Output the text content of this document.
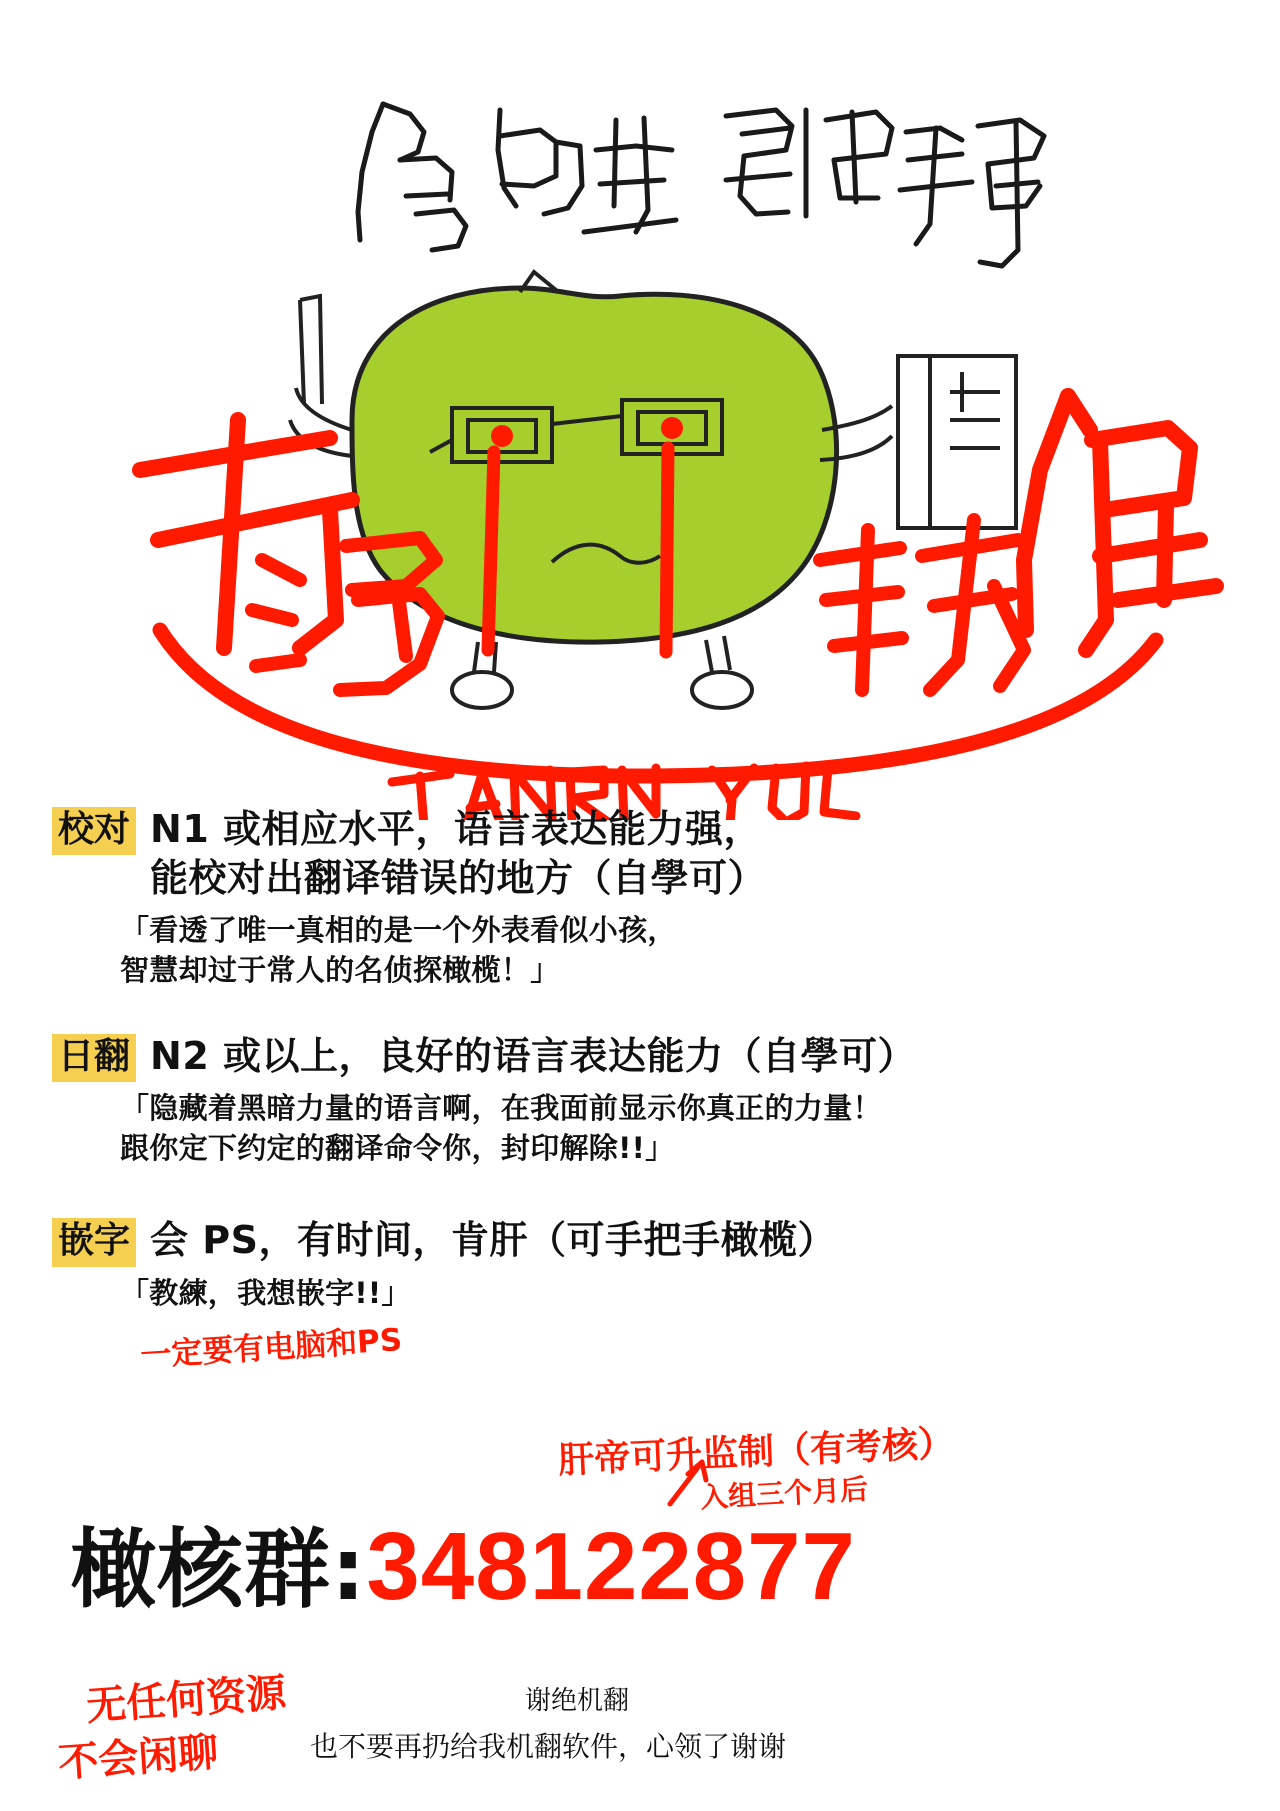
校对 N1 或相应水平，语言表达能力强，
能校对出翻译错误的地方（自學可）
「看透了唯一真相的是一个外表看似小孩，
智慧却过于常人的名侦探橄榄！」
日翻 N2 或以上，良好的语言表达能力（自學可）
「隐藏着黑暗力量的语言啊，在我面前显示你真正的力量！
跟你定下约定的翻译命令你，封印解除!!」
嵌字 会 PS，有时间，肯肝（可手把手橄榄）
「教練，我想嵌字!!」
一定要有电脑和PS
肝帝可升监制（有考核）
入组三个月后
橄核群: 348122877
无任何资源
不会闲聊
谢绝机翻
也不要再扔给我机翻软件，心领了谢谢
